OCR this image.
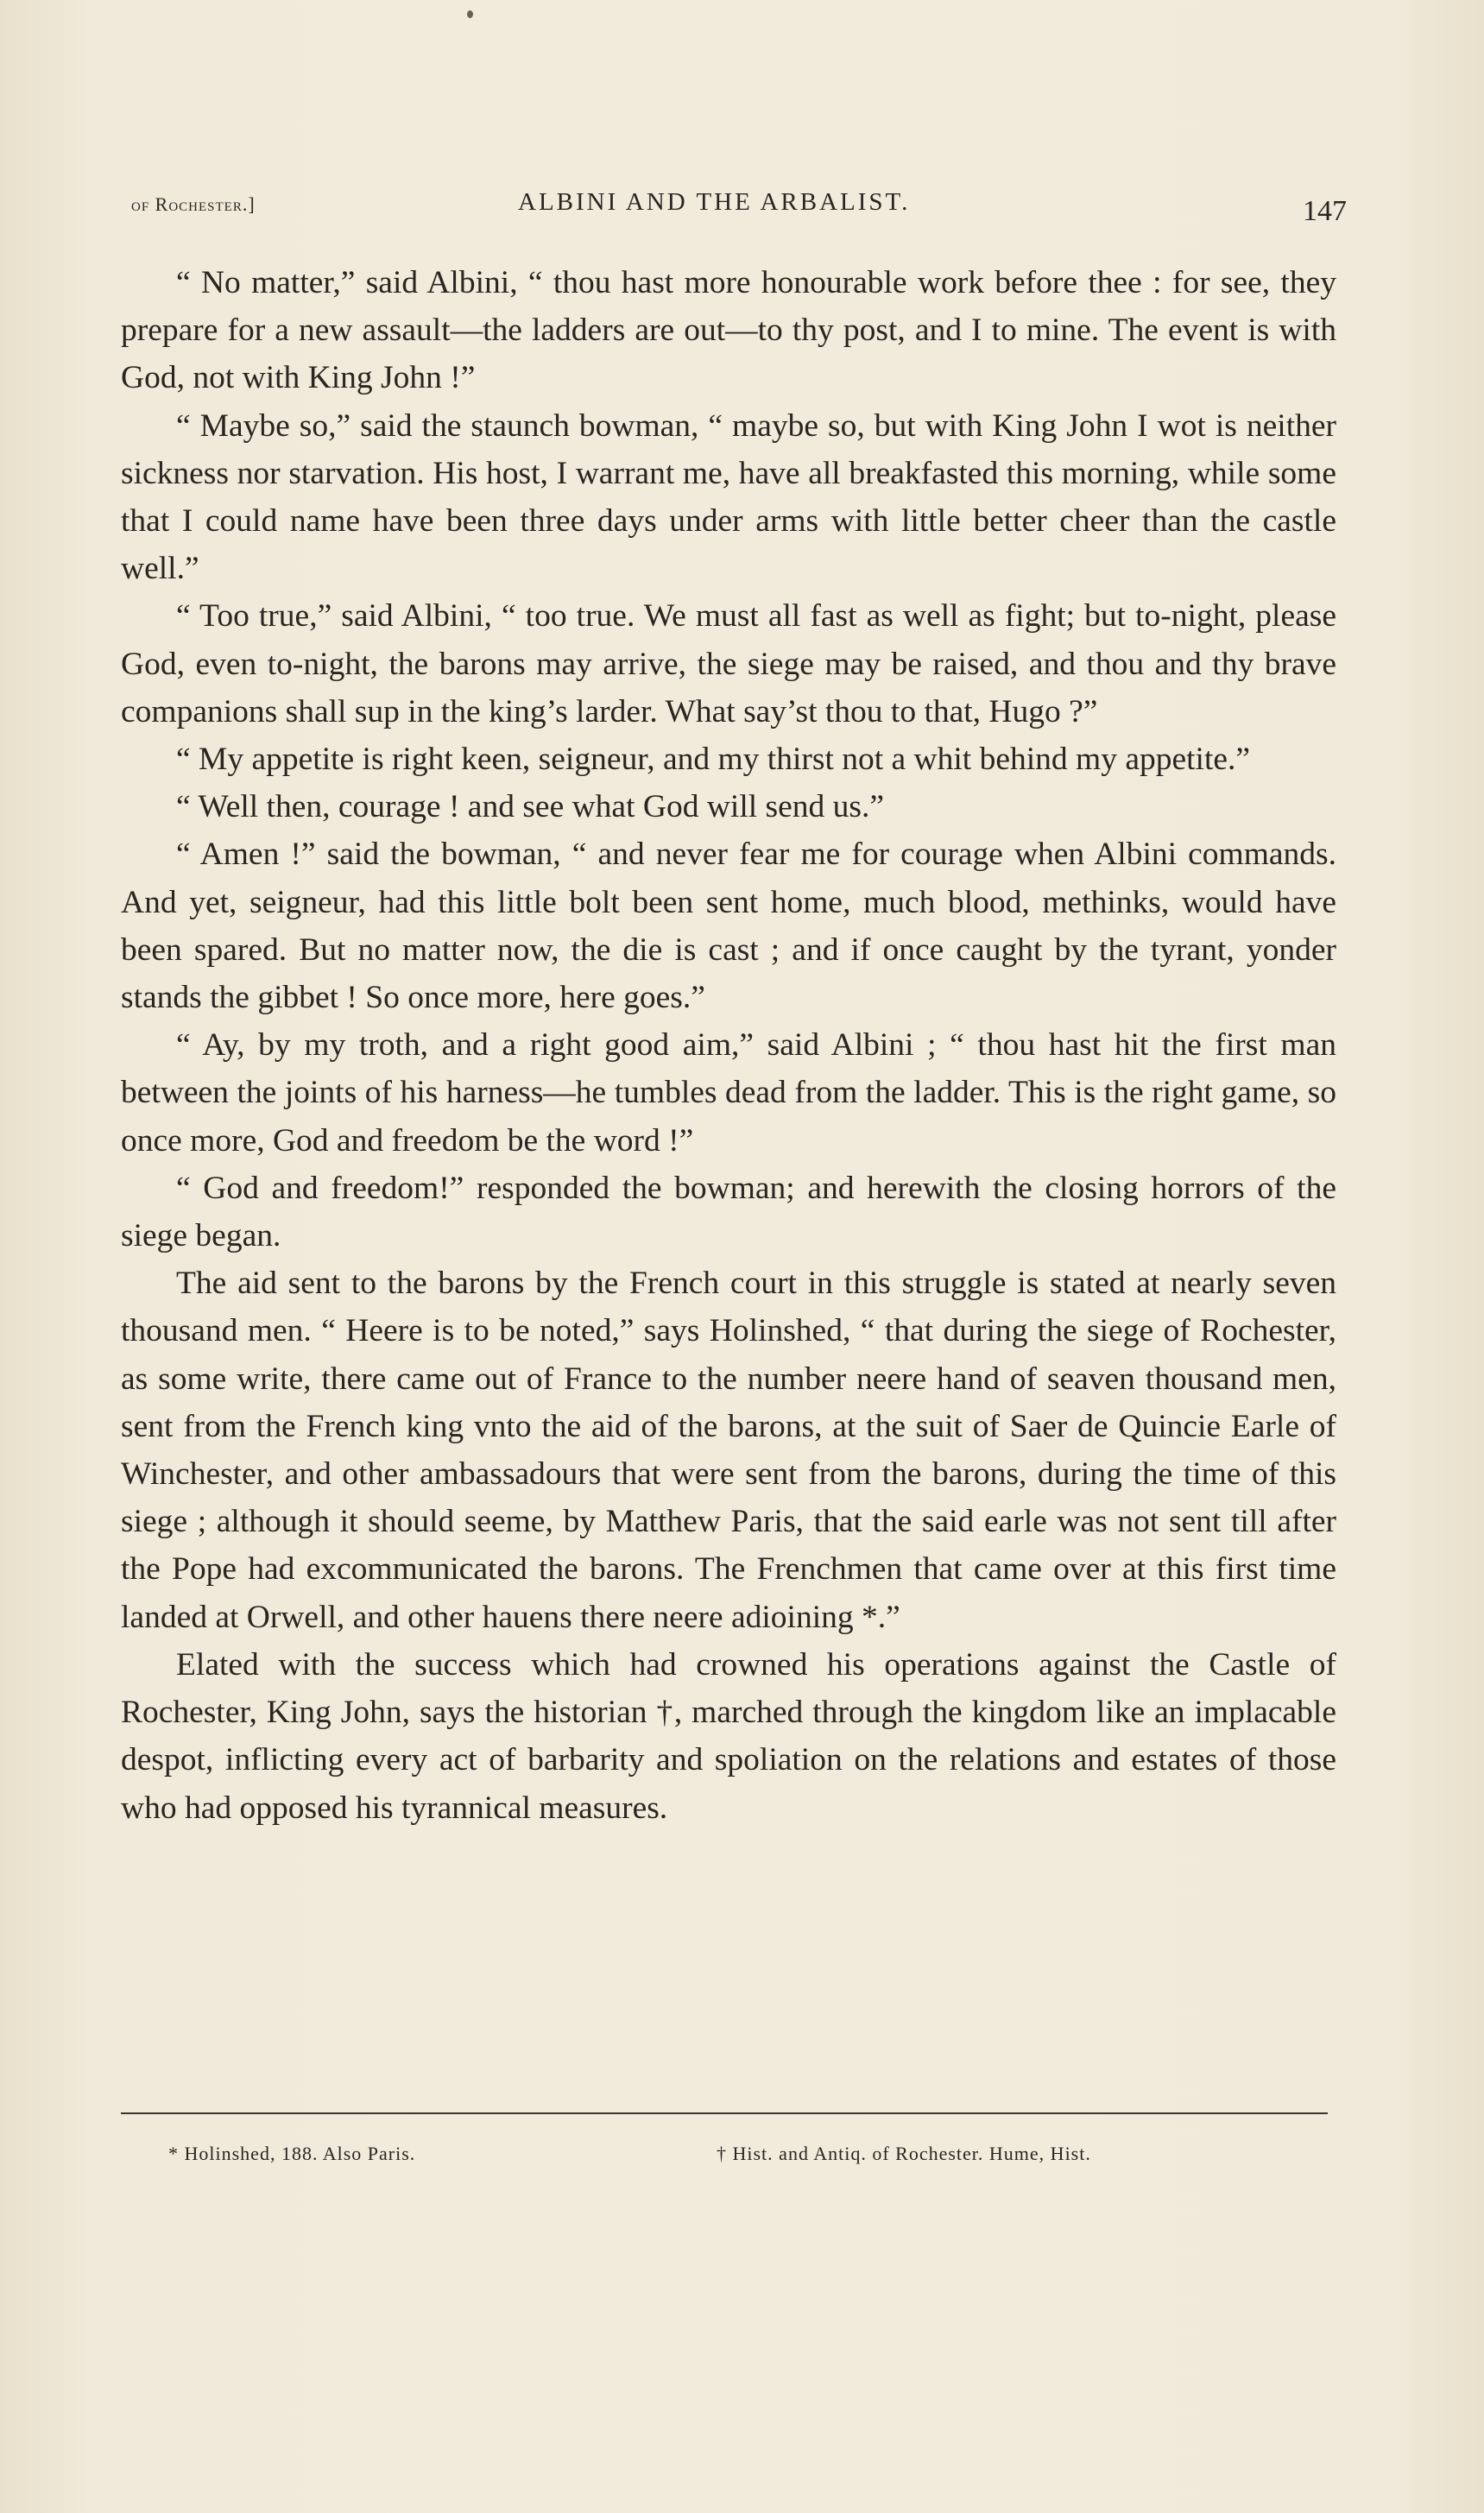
of Rochester.]	ALBINI AND THE ARBALIST.	147

“ No matter,” said Albini, “ thou hast more honourable work before thee : for see, they prepare for a new assault—the ladders are out—to thy post, and I to mine. The event is with God, not with King John !”

“ Maybe so,” said the staunch bowman, “ maybe so, but with King John I wot is neither sickness nor starvation. His host, I warrant me, have all breakfasted this morning, while some that I could name have been three days under arms with little better cheer than the castle well.”

“ Too true,” said Albini, “ too true. We must all fast as well as fight; but to-night, please God, even to-night, the barons may arrive, the siege may be raised, and thou and thy brave companions shall sup in the king’s larder. What say’st thou to that, Hugo ?”

“ My appetite is right keen, seigneur, and my thirst not a whit behind my appetite.”

“ Well then, courage ! and see what God will send us.”

“ Amen !” said the bowman, “ and never fear me for courage when Albini commands. And yet, seigneur, had this little bolt been sent home, much blood, methinks, would have been spared. But no matter now, the die is cast ; and if once caught by the tyrant, yonder stands the gibbet ! So once more, here goes.”

“ Ay, by my troth, and a right good aim,” said Albini ; “ thou hast hit the first man between the joints of his harness—he tumbles dead from the ladder. This is the right game, so once more, God and freedom be the word !”

“ God and freedom!” responded the bowman; and herewith the closing horrors of the siege began.

The aid sent to the barons by the French court in this struggle is stated at nearly seven thousand men. “ Heere is to be noted,” says Holinshed, “ that during the siege of Rochester, as some write, there came out of France to the number neere hand of seaven thousand men, sent from the French king vnto the aid of the barons, at the suit of Saer de Quincie Earle of Winchester, and other ambassadours that were sent from the barons, during the time of this siege ; although it should seeme, by Matthew Paris, that the said earle was not sent till after the Pope had excommunicated the barons. The Frenchmen that came over at this first time landed at Orwell, and other hauens there neere adioining *.”

Elated with the success which had crowned his operations against the Castle of Rochester, King John, says the historian †, marched through the kingdom like an implacable despot, inflicting every act of barbarity and spoliation on the relations and estates of those who had opposed his tyrannical measures.

* Holinshed, 188. Also Paris.	† Hist. and Antiq. of Rochester. Hume, Hist.
